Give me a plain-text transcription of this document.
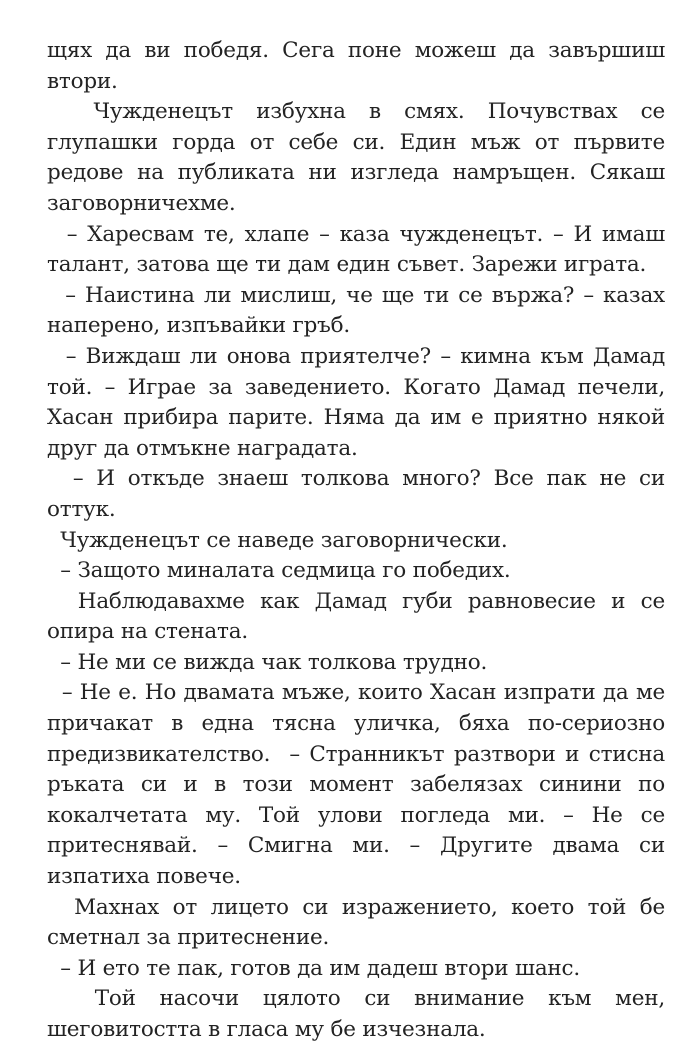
щях да ви победя. Сега поне можеш да завършиш втори.

Чужденецът избухна в смях. Почувствах се глупашки горда от себе си. Един мъж от първите редове на публиката ни изгледа намръщен. Сякаш заговорничехме.

– Харесвам те, хлапе – каза чужденецът. – И имаш талант, затова ще ти дам един съвет. Зарежи играта.

– Наистина ли мислиш, че ще ти се вържа? – казах наперено, изпъвайки гръб.

– Виждаш ли онова приятелче? – кимна към Дамад той. – Играе за заведението. Когато Дамад печели, Хасан прибира парите. Няма да им е приятно някой друг да отмъкне наградата.

– И откъде знаеш толкова много? Все пак не си оттук.

Чужденецът се наведе заговорнически.

– Защото миналата седмица го победих.

Наблюдавахме как Дамад губи равновесие и се опира на стената.

– Не ми се вижда чак толкова трудно.

– Не е. Но двамата мъже, които Хасан изпрати да ме причакат в една тясна уличка, бяха по-сериозно предизвикателство.  – Странникът разтвори и стисна ръката си и в този момент забелязах синини по кокалчетата му. Той улови погледа ми. – Не се притеснявай. – Смигна ми. – Другите двама си изпатиха повече.

Махнах от лицето си изражението, което той бе сметнал за притеснение.

– И ето те пак, готов да им дадеш втори шанс.

Той насочи цялото си внимание към мен, шеговитостта в гласа му бе изчезнала.
